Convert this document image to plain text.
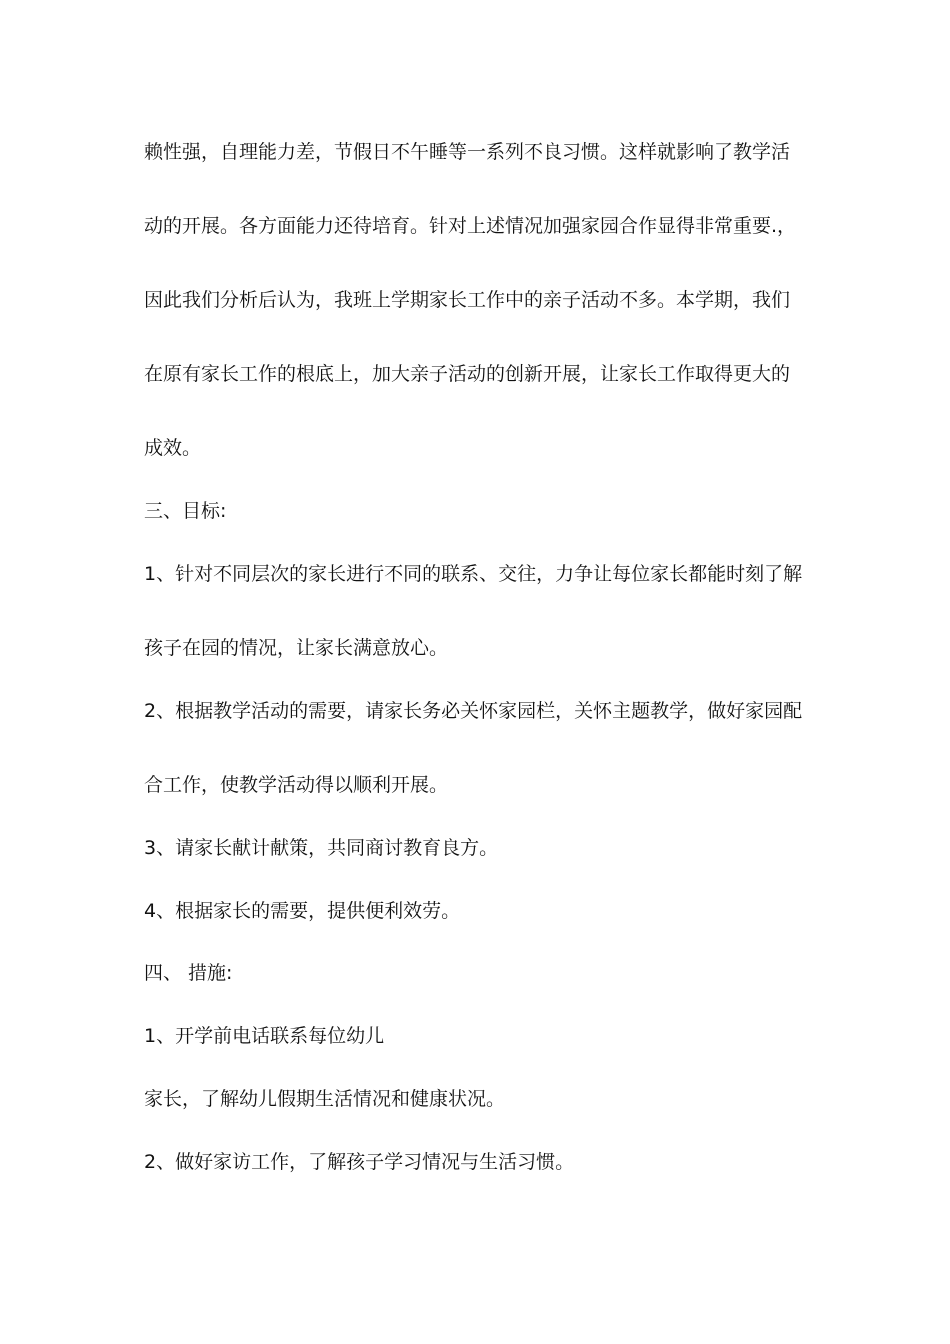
赖性强，自理能力差，节假日不午睡等一系列不良习惯。这样就影响了教学活
动的开展。各方面能力还待培育。针对上述情况加强家园合作显得非常重要.，
因此我们分析后认为，我班上学期家长工作中的亲子活动不多。本学期，我们
在原有家长工作的根底上，加大亲子活动的创新开展，让家长工作取得更大的
成效。
三、目标:
1、针对不同层次的家长进行不同的联系、交往，力争让每位家长都能时刻了解
孩子在园的情况，让家长满意放心。
2、根据教学活动的需要，请家长务必关怀家园栏，关怀主题教学，做好家园配
合工作，使教学活动得以顺利开展。
3、请家长献计献策，共同商讨教育良方。
4、根据家长的需要，提供便利效劳。
四、 措施:
1、开学前电话联系每位幼儿
家长，了解幼儿假期生活情况和健康状况。
2、做好家访工作，了解孩子学习情况与生活习惯。
